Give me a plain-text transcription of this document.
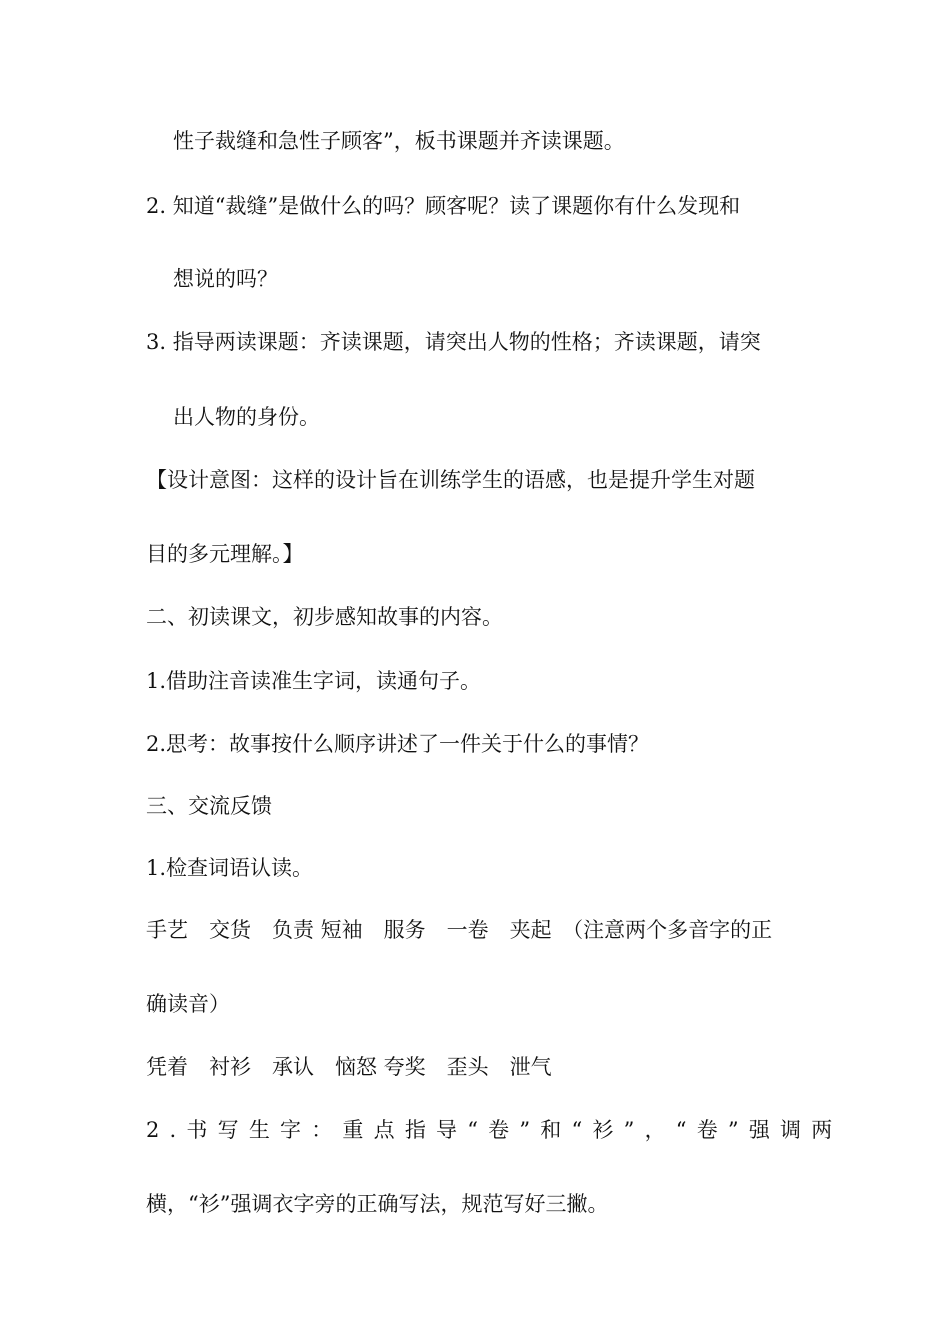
性子裁缝和急性子顾客”，板书课题并齐读课题。

2. 知道“裁缝”是做什么的吗？顾客呢？读了课题你有什么发现和

想说的吗？

3. 指导两读课题：齐读课题，请突出人物的性格；齐读课题，请突

出人物的身份。

【设计意图：这样的设计旨在训练学生的语感，也是提升学生对题

目的多元理解。】

二、初读课文，初步感知故事的内容。

1.借助注音读准生字词，读通句子。

2.思考：故事按什么顺序讲述了一件关于什么的事情？

三、交流反馈

1.检查词语认读。

手艺　交货　负责 短袖　服务　一卷　夹起　（注意两个多音字的正

确读音）

凭着　衬衫　承认　恼怒 夸奖　歪头　泄气

2.书写生字：重点指导“卷”和“衫”，“卷”强调两

横，“衫”强调衣字旁的正确写法，规范写好三撇。
